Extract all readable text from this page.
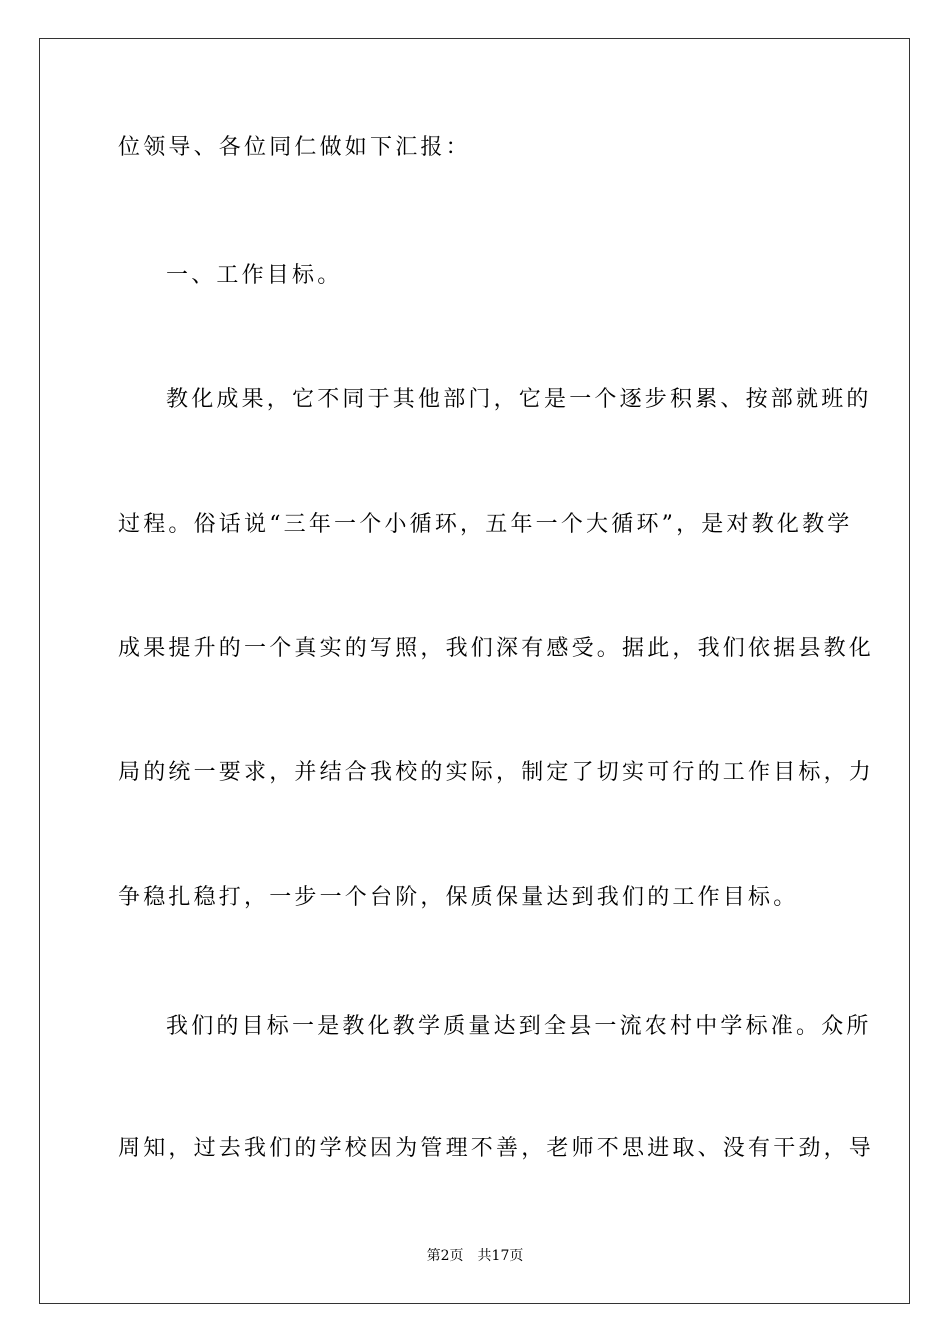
位领导、各位同仁做如下汇报：
一、工作目标。
教化成果，它不同于其他部门，它是一个逐步积累、按部就班的
过程。俗话说“三年一个小循环，五年一个大循环”，是对教化教学
成果提升的一个真实的写照，我们深有感受。据此，我们依据县教化
局的统一要求，并结合我校的实际，制定了切实可行的工作目标，力
争稳扎稳打，一步一个台阶，保质保量达到我们的工作目标。
我们的目标一是教化教学质量达到全县一流农村中学标准。众所
周知，过去我们的学校因为管理不善，老师不思进取、没有干劲，导
第2页 共17页
